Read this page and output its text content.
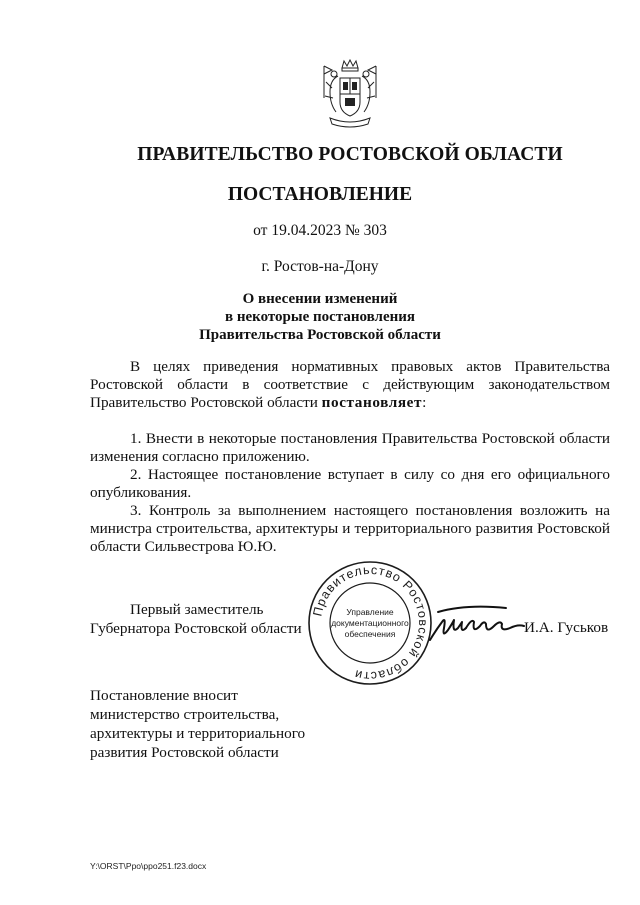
ПРАВИТЕЛЬСТВО РОСТОВСКОЙ ОБЛАСТИ
ПОСТАНОВЛЕНИЕ
от 19.04.2023 № 303
г. Ростов-на-Дону
О внесении изменений
в некоторые постановления
Правительства Ростовской области
В целях приведения нормативных правовых актов Правительства Ростовской области в соответствие с действующим законодательством Правительство Ростовской области постановляет:
1. Внести в некоторые постановления Правительства Ростовской области изменения согласно приложению.
2. Настоящее постановление вступает в силу со дня его официального опубликования.
3. Контроль за выполнением настоящего постановления возложить на министра строительства, архитектуры и территориального развития Ростовской области Сильвестрова Ю.Ю.
Правительство Ростовской области
Управление
документационного
обеспечения
Первый заместитель
Губернатора Ростовской области	И.А. Гуськов
Постановление вносит
министерство строительства,
архитектуры и территориального
развития Ростовской области
Y:\ORST\Ppo\ppo251.f23.docx
